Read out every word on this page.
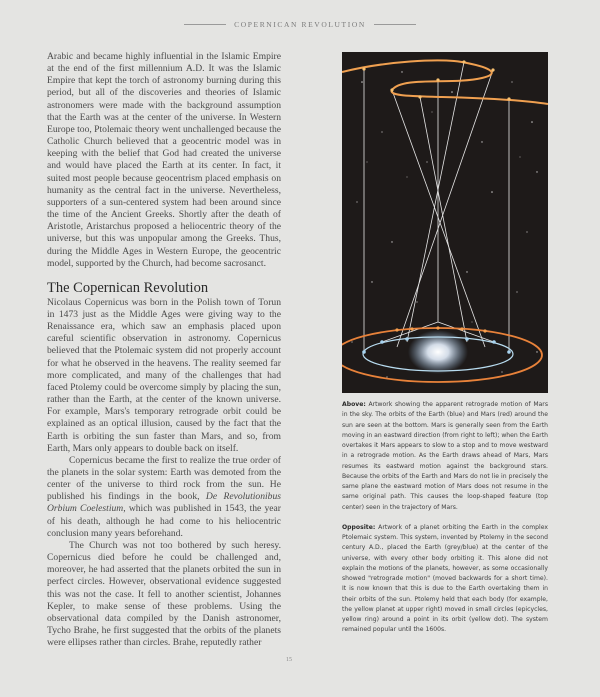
COPERNICAN REVOLUTION

Arabic and became highly influential in the Islamic Empire at the end of the first millennium A.D. It was the Islamic Empire that kept the torch of astronomy burning during this period, but all of the discoveries and theories of Islamic astronomers were made with the background assumption that the Earth was at the center of the universe. In Western Europe too, Ptolemaic theory went unchallenged because the Catholic Church believed that a geocentric model was in keeping with the belief that God had created the universe and would have placed the Earth at its center. In fact, it suited most people because geocentrism placed emphasis on humanity as the central fact in the universe. Nevertheless, supporters of a sun-centered system had been around since the time of the Ancient Greeks. Shortly after the death of Aristotle, Aristarchus proposed a heliocentric theory of the universe, but this was unpopular among the Greeks. Thus, during the Middle Ages in Western Europe, the geocentric model, supported by the Church, had become sacrosanct.

The Copernican Revolution

Nicolaus Copernicus was born in the Polish town of Torun in 1473 just as the Middle Ages were giving way to the Renaissance era, which saw an emphasis placed upon careful scientific observation in astronomy. Copernicus believed that the Ptolemaic system did not properly account for what he observed in the heavens. The reality seemed far more complicated, and many of the challenges that had faced Ptolemy could be overcome simply by placing the sun, rather than the Earth, at the center of the known universe. For example, Mars's temporary retrograde orbit could be explained as an optical illusion, caused by the fact that the Earth is orbiting the sun faster than Mars, and so, from Earth, Mars only appears to double back on itself.

Copernicus became the first to realize the true order of the planets in the solar system: Earth was demoted from the center of the universe to third rock from the sun. He published his findings in the book, De Revolutionibus Orbium Coelestium, which was published in 1543, the year of his death, although he had come to his heliocentric conclusion many years beforehand.

The Church was not too bothered by such heresy. Copernicus died before he could be challenged and, moreover, he had asserted that the planets orbited the sun in perfect circles. However, observational evidence suggested this was not the case. It fell to another scientist, Johannes Kepler, to make sense of these problems. Using the observational data compiled by the Danish astronomer, Tycho Brahe, he first suggested that the orbits of the planets were ellipses rather than circles. Brahe, reputedly rather

Above: Artwork showing the apparent retrograde motion of Mars in the sky. The orbits of the Earth (blue) and Mars (red) around the sun are seen at the bottom. Mars is generally seen from the Earth moving in an eastward direction (from right to left); when the Earth overtakes it Mars appears to slow to a stop and to move westward in a retrograde motion. As the Earth draws ahead of Mars, Mars resumes its eastward motion against the background stars. Because the orbits of the Earth and Mars do not lie in precisely the same plane the eastward motion of Mars does not resume in the same original path. This causes the loop-shaped feature (top center) seen in the trajectory of Mars.

Opposite: Artwork of a planet orbiting the Earth in the complex Ptolemaic system. This system, invented by Ptolemy in the second century A.D., placed the Earth (grey/blue) at the center of the universe, with every other body orbiting it. This alone did not explain the motions of the planets, however, as some occasionally showed "retrograde motion" (moved backwards for a short time). It is now known that this is due to the Earth overtaking them in their orbits of the sun. Ptolemy held that each body (for example, the yellow planet at upper right) moved in small circles (epicycles, yellow ring) around a point in its orbit (yellow dot). The system remained popular until the 1600s.

15
